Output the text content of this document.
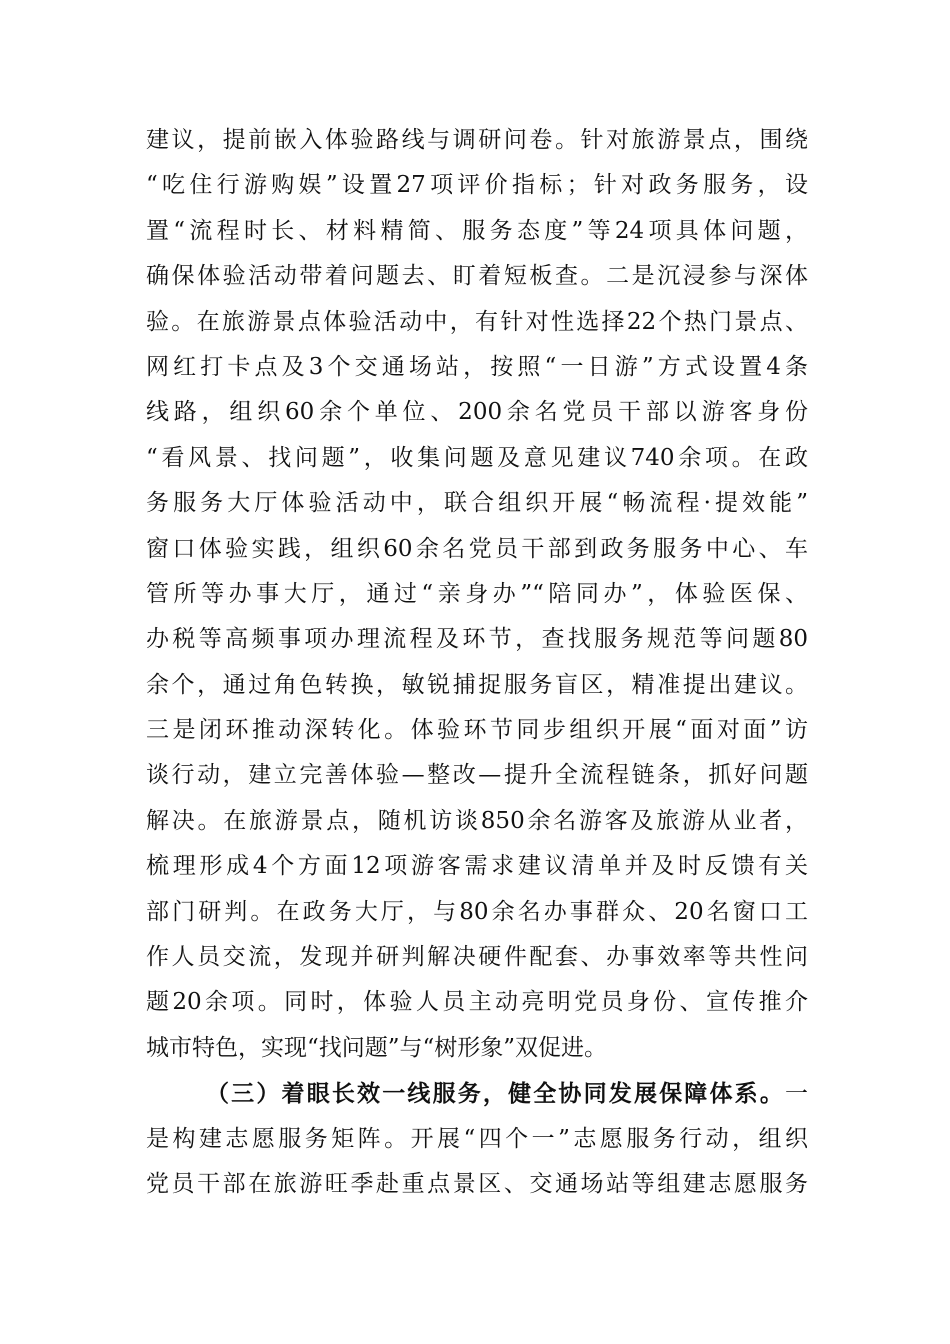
建议，提前嵌入体验路线与调研问卷。针对旅游景点，围绕
“吃住行游购娱”设置27项评价指标；针对政务服务，设
置“流程时长、材料精简、服务态度”等24项具体问题，
确保体验活动带着问题去、盯着短板查。二是沉浸参与深体
验。在旅游景点体验活动中，有针对性选择22个热门景点、
网红打卡点及3个交通场站，按照“一日游”方式设置4条
线路，组织60余个单位、200余名党员干部以游客身份
“看风景、找问题”，收集问题及意见建议740余项。在政
务服务大厅体验活动中，联合组织开展“畅流程·提效能”
窗口体验实践，组织60余名党员干部到政务服务中心、车
管所等办事大厅，通过“亲身办”“陪同办”，体验医保、
办税等高频事项办理流程及环节，查找服务规范等问题80
余个，通过角色转换，敏锐捕捉服务盲区，精准提出建议。
三是闭环推动深转化。体验环节同步组织开展“面对面”访
谈行动，建立完善体验—整改—提升全流程链条，抓好问题
解决。在旅游景点，随机访谈850余名游客及旅游从业者，
梳理形成4个方面12项游客需求建议清单并及时反馈有关
部门研判。在政务大厅，与80余名办事群众、20名窗口工
作人员交流，发现并研判解决硬件配套、办事效率等共性问
题20余项。同时，体验人员主动亮明党员身份、宣传推介
城市特色，实现“找问题”与“树形象”双促进。
（三）着眼长效一线服务，健全协同发展保障体系。一
是构建志愿服务矩阵。开展“四个一”志愿服务行动，组织
党员干部在旅游旺季赴重点景区、交通场站等组建志愿服务
